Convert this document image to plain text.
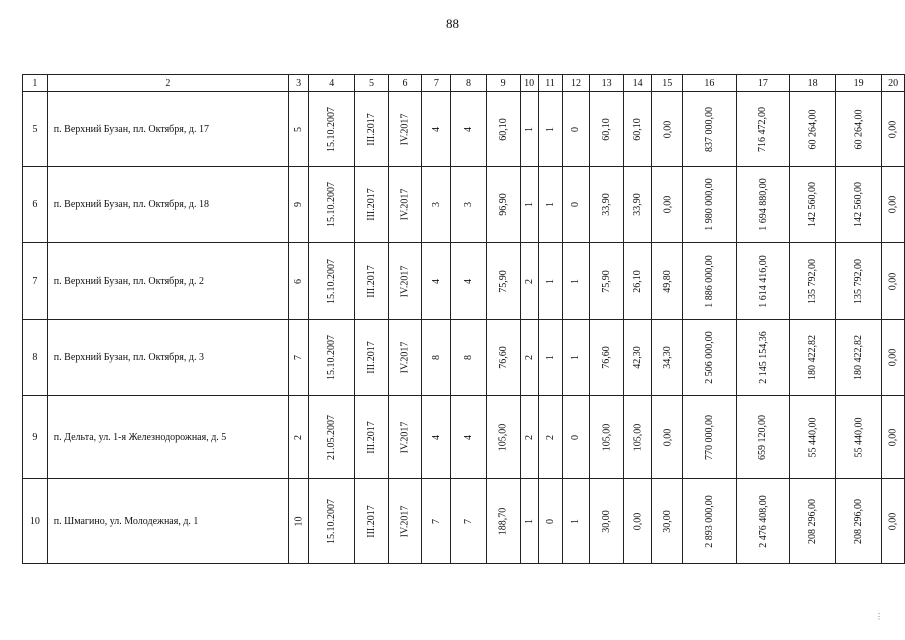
88
1	2	3	4	5	6	7	8	9	10	11	12	13	14	15	16	17	18	19	20
5	п. Верхний Бузан, пл. Октября, д. 17	5	15.10.2007	III.2017	IV.2017	4	4	60,10	1	1	0	60,10	60,10	0,00	837 000,00	716 472,00	60 264,00	60 264,00	0,00
6	п. Верхний Бузан, пл. Октября, д. 18	9	15.10.2007	III.2017	IV.2017	3	3	96,90	1	1	0	33,90	33,90	0,00	1 980 000,00	1 694 880,00	142 560,00	142 560,00	0,00
7	п. Верхний Бузан, пл. Октября, д. 2	6	15.10.2007	III.2017	IV.2017	4	4	75,90	2	1	1	75,90	26,10	49,80	1 886 000,00	1 614 416,00	135 792,00	135 792,00	0,00
8	п. Верхний Бузан, пл. Октября, д. 3	7	15.10.2007	III.2017	IV.2017	8	8	76,60	2	1	1	76,60	42,30	34,30	2 506 000,00	2 145 154,36	180 422,82	180 422,82	0,00
9	п. Дельта, ул. 1-я Железнодорожная, д. 5	2	21.05.2007	III.2017	IV.2017	4	4	105,00	2	2	0	105,00	105,00	0,00	770 000,00	659 120,00	55 440,00	55 440,00	0,00
10	п. Шмагино, ул. Молодежная, д. 1	10	15.10.2007	III.2017	IV.2017	7	7	188,70	1	0	1	30,00	0,00	30,00	2 893 000,00	2 476 408,00	208 296,00	208 296,00	0,00
⋮
